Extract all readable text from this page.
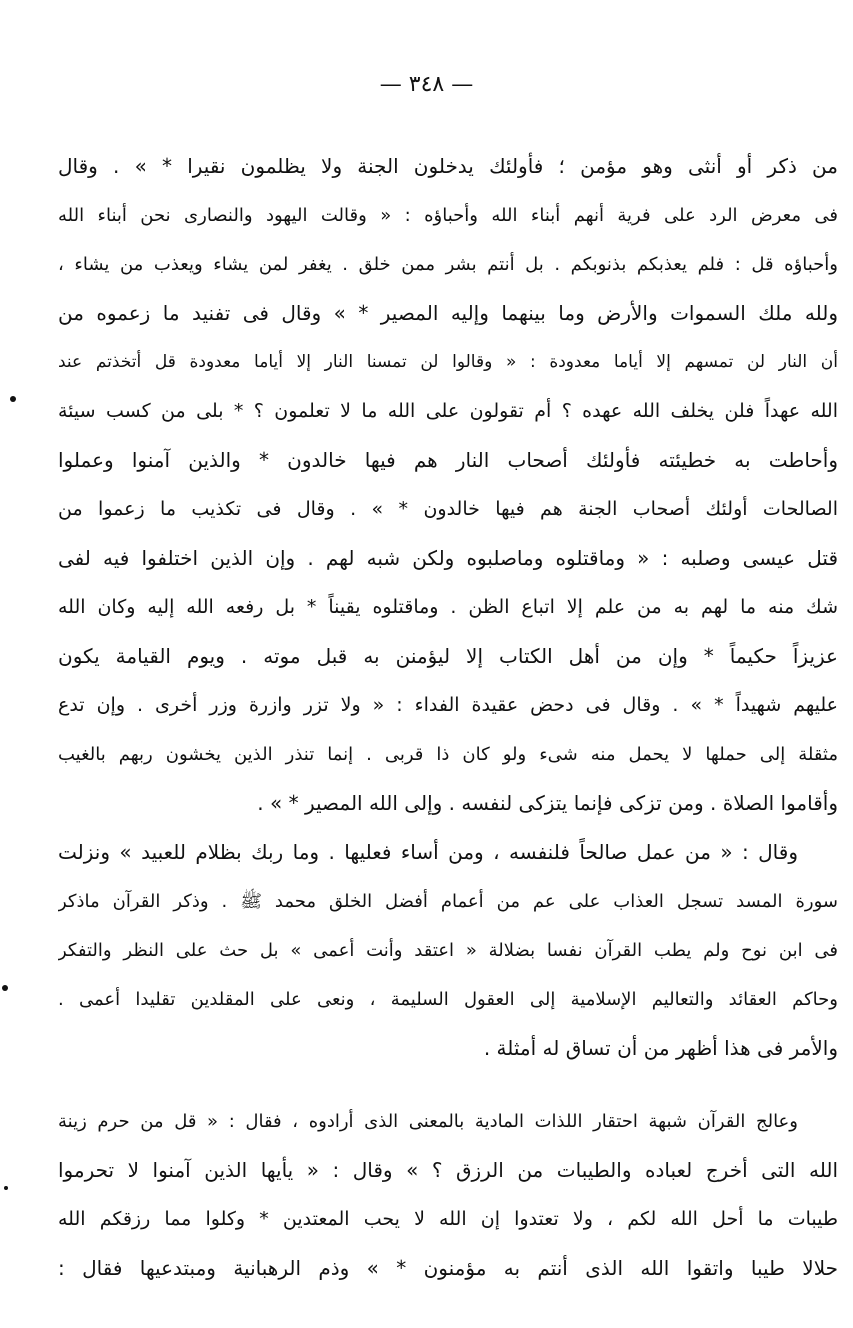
— ٣٤٨ —
من ذكر أو أنثى وهو مؤمن ؛ فأولئك يدخلون الجنة ولا يظلمون نقيرا * » . وقال
فى معرض الرد على فرية أنهم أبناء الله وأحباؤه : « وقالت اليهود والنصارى نحن أبناء الله
وأحباؤه قل : فلم يعذبكم بذنوبكم . بل أنتم بشر ممن خلق . يغفر لمن يشاء ويعذب من يشاء ،
ولله ملك السموات والأرض وما بينهما وإليه المصير * » وقال فى تفنيد ما زعموه من
أن النار لن تمسهم إلا أياما معدودة : « وقالوا لن تمسنا النار إلا أياما معدودة قل أتخذتم عند
الله عهداً فلن يخلف الله عهده ؟ أم تقولون على الله ما لا تعلمون ؟ * بلى من كسب سيئة
وأحاطت به خطيئته فأولئك أصحاب النار هم فيها خالدون * والذين آمنوا وعملوا
الصالحات أولئك أصحاب الجنة هم فيها خالدون * » . وقال فى تكذيب ما زعموا من
قتل عيسى وصلبه : « وماقتلوه وماصلبوه ولكن شبه لهم . وإن الذين اختلفوا فيه لفى
شك منه ما لهم به من علم إلا اتباع الظن . وماقتلوه يقيناً * بل رفعه الله إليه وكان الله
عزيزاً حكيماً * وإن من أهل الكتاب إلا ليؤمنن به قبل موته . ويوم القيامة يكون
عليهم شهيداً * » . وقال فى دحض عقيدة الفداء : « ولا تزر وازرة وزر أخرى . وإن تدع
مثقلة إلى حملها لا يحمل منه شىء ولو كان ذا قربى . إنما تنذر الذين يخشون ربهم بالغيب
وأقاموا الصلاة . ومن تزكى فإنما يتزكى لنفسه . وإلى الله المصير * » .
وقال : « من عمل صالحاً فلنفسه ، ومن أساء فعليها . وما ربك بظلام للعبيد » ونزلت
سورة المسد تسجل العذاب على عم من أعمام أفضل الخلق محمد ﷺ . وذكر القرآن ماذكر
فى ابن نوح ولم يطب القرآن نفسا بضلالة « اعتقد وأنت أعمى » بل حث على النظر والتفكر
وحاكم العقائد والتعاليم الإسلامية إلى العقول السليمة ، ونعى على المقلدين تقليدا أعمى .
والأمر فى هذا أظهر من أن تساق له أمثلة .
وعالج القرآن شبهة احتقار اللذات المادية بالمعنى الذى أرادوه ، فقال : « قل من حرم زينة
الله التى أخرج لعباده والطيبات من الرزق ؟ » وقال : « يأيها الذين آمنوا لا تحرموا
طيبات ما أحل الله لكم ، ولا تعتدوا إن الله لا يحب المعتدين * وكلوا مما رزقكم الله
حلالا طيبا واتقوا الله الذى أنتم به مؤمنون * » وذم الرهبانية ومبتدعيها فقال :
